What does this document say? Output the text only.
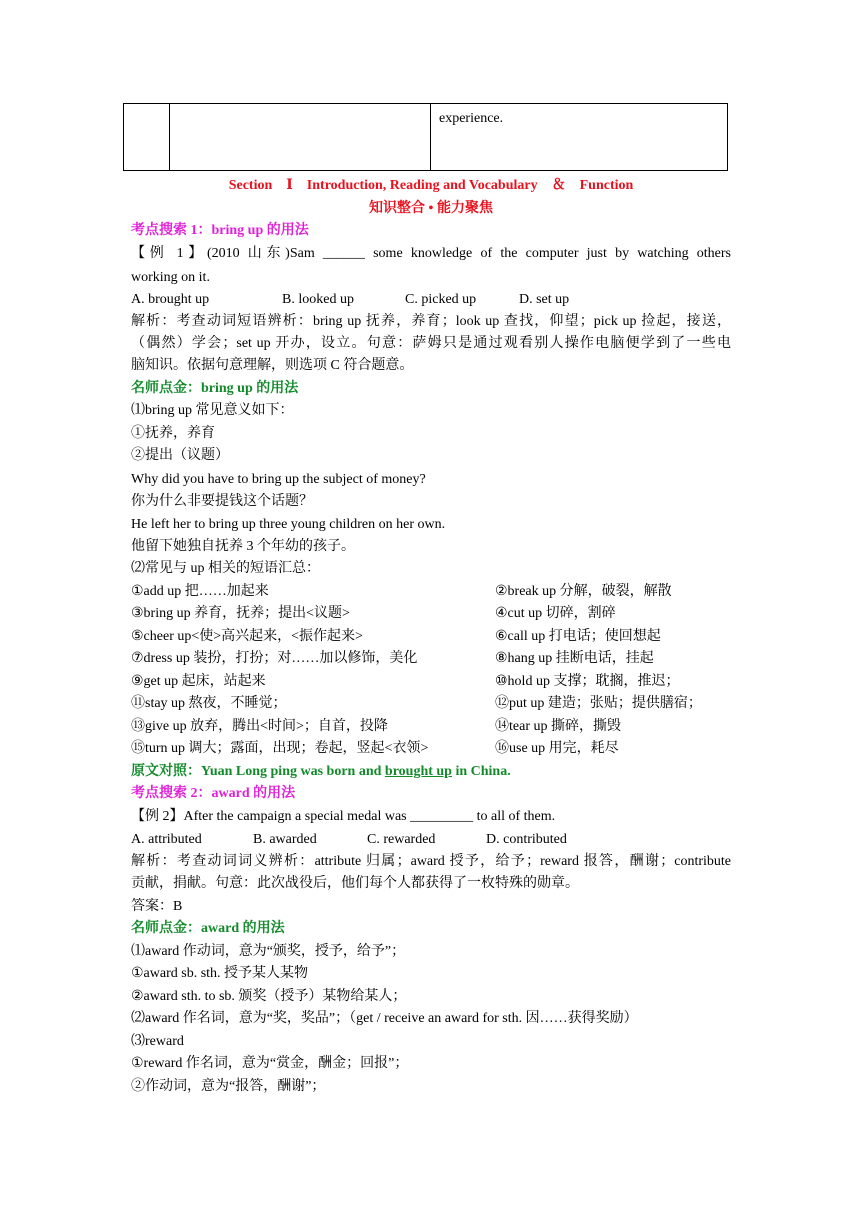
		experience.
Section　Ⅰ　Introduction, Reading and Vocabulary　＆　Function
知识整合 • 能力聚焦
考点搜索 1：bring up 的用法
【例 1】(2010 山东)Sam ______ some knowledge of the computer just by watching others
working on it.
A. brought up	B. looked up	C. picked up	D. set up
解析：考查动词短语辨析：bring up 抚养，养育；look up 查找，仰望；pick up 捡起，接送，
（偶然）学会；set up 开办，设立。句意：萨姆只是通过观看别人操作电脑便学到了一些电
脑知识。依据句意理解，则选项 C 符合题意。
名师点金：bring up 的用法
⑴bring up 常见意义如下：
①抚养，养育
②提出（议题）
Why did you have to bring up the subject of money?
你为什么非要提钱这个话题？
He left her to bring up three young children on her own.
他留下她独自抚养 3 个年幼的孩子。
⑵常见与 up 相关的短语汇总：
①add up 把……加起来	②break up 分解，破裂，解散
③bring up 养育，抚养；提出<议题>	④cut up 切碎，割碎
⑤cheer up<使>高兴起来，<振作起来>	⑥call up 打电话；使回想起
⑦dress up 装扮，打扮；对……加以修饰，美化	⑧hang up 挂断电话，挂起
⑨get up 起床，站起来	⑩hold up 支撑；耽搁，推迟；
⑪stay up 熬夜，不睡觉；	⑫put up 建造；张贴；提供膳宿；
⑬give up 放弃，腾出<时间>；自首，投降	⑭tear up 撕碎，撕毁
⑮turn up 调大；露面，出现；卷起，竖起<衣领>	⑯use up 用完，耗尽
原文对照：Yuan Long ping was born and brought up in China.
考点搜索 2：award 的用法
【例 2】After the campaign a special medal was _________ to all of them.
A. attributed	B. awarded	C. rewarded	D. contributed
解析：考查动词词义辨析：attribute 归属；award 授予，给予；reward 报答，酬谢；contribute
贡献，捐献。句意：此次战役后，他们每个人都获得了一枚特殊的勋章。
答案：B
名师点金：award 的用法
⑴award 作动词，意为“颁奖，授予，给予”；
①award sb. sth. 授予某人某物
②award sth. to sb. 颁奖（授予）某物给某人；
⑵award 作名词，意为“奖，奖品”；（get / receive an award for sth. 因……获得奖励）
⑶reward
①reward 作名词，意为“赏金，酬金；回报”；
②作动词，意为“报答，酬谢”；
